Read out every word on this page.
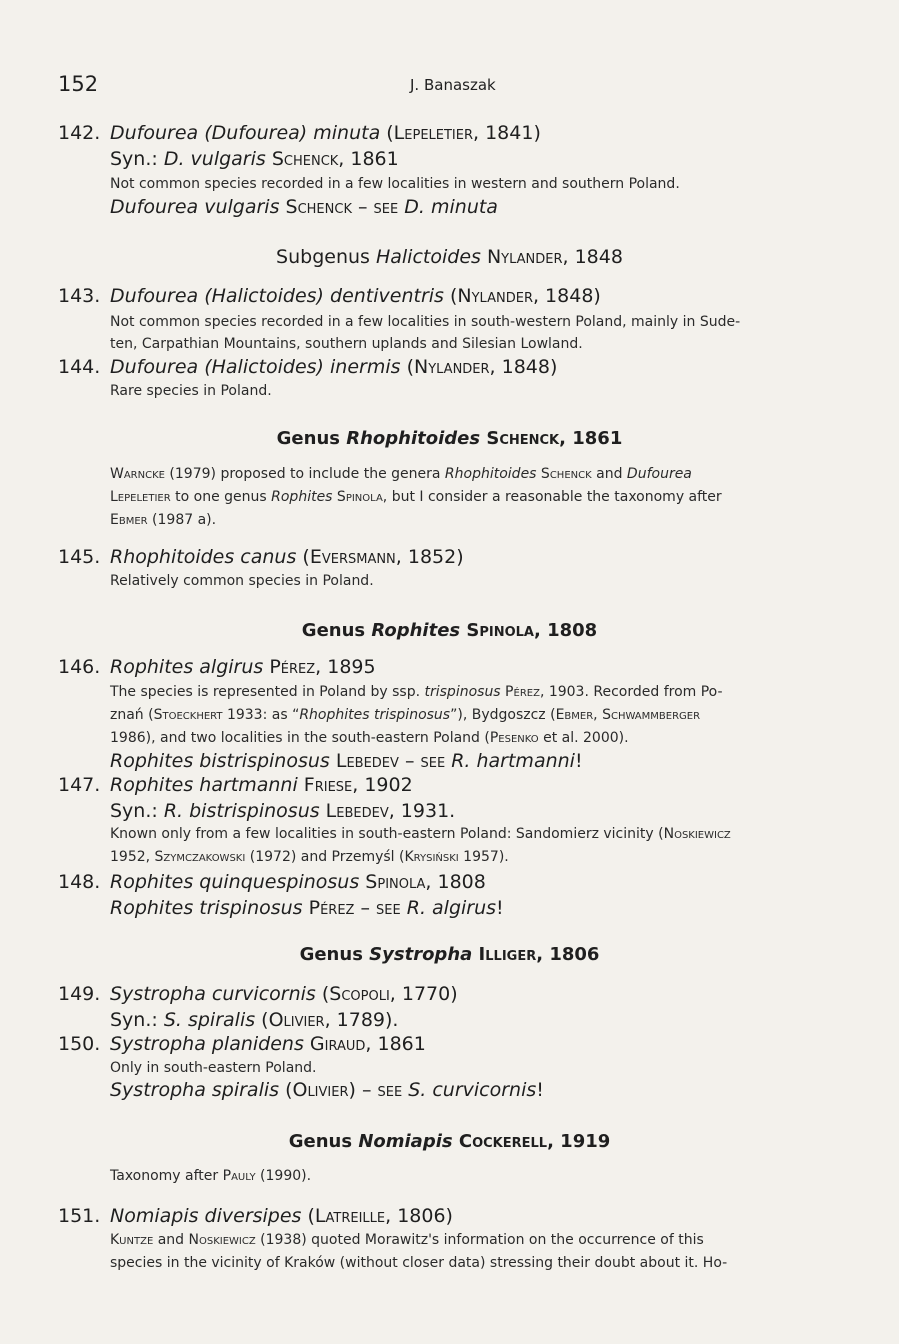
152	J. Banaszak
142. Dufourea (Dufourea) minuta (Lepeletier, 1841)
Syn.: D. vulgaris Schenck, 1861
Not common species recorded in a few localities in western and southern Poland.
Dufourea vulgaris Schenck – see D. minuta
Subgenus Halictoides Nylander, 1848
143. Dufourea (Halictoides) dentiventris (Nylander, 1848)
Not common species recorded in a few localities in south-western Poland, mainly in Sude-
ten, Carpathian Mountains, southern uplands and Silesian Lowland.
144. Dufourea (Halictoides) inermis (Nylander, 1848)
Rare species in Poland.
Genus Rhophitoides Schenck, 1861
Warncke (1979) proposed to include the genera Rhophitoides Schenck and Dufourea
Lepeletier to one genus Rophites Spinola, but I consider a reasonable the taxonomy after
Ebmer (1987 a).
145. Rhophitoides canus (Eversmann, 1852)
Relatively common species in Poland.
Genus Rophites Spinola, 1808
146. Rophites algirus Pérez, 1895
The species is represented in Poland by ssp. trispinosus Pérez, 1903. Recorded from Po-
znań (Stoeckhert 1933: as “Rhophites trispinosus”), Bydgoszcz (Ebmer, Schwammberger
1986), and two localities in the south-eastern Poland (Pesenko et al. 2000).
Rophites bistrispinosus Lebedev – see R. hartmanni!
147. Rophites hartmanni Friese, 1902
Syn.: R. bistrispinosus Lebedev, 1931.
Known only from a few localities in south-eastern Poland: Sandomierz vicinity (Noskiewicz
1952, Szymczakowski (1972) and Przemyśl (Krysiński 1957).
148. Rophites quinquespinosus Spinola, 1808
Rophites trispinosus Pérez – see R. algirus!
Genus Systropha Illiger, 1806
149. Systropha curvicornis (Scopoli, 1770)
Syn.: S. spiralis (Olivier, 1789).
150. Systropha planidens Giraud, 1861
Only in south-eastern Poland.
Systropha spiralis (Olivier) – see S. curvicornis!
Genus Nomiapis Cockerell, 1919
Taxonomy after Pauly (1990).
151. Nomiapis diversipes (Latreille, 1806)
Kuntze and Noskiewicz (1938) quoted Morawitz's information on the occurrence of this
species in the vicinity of Kraków (without closer data) stressing their doubt about it. Ho-
